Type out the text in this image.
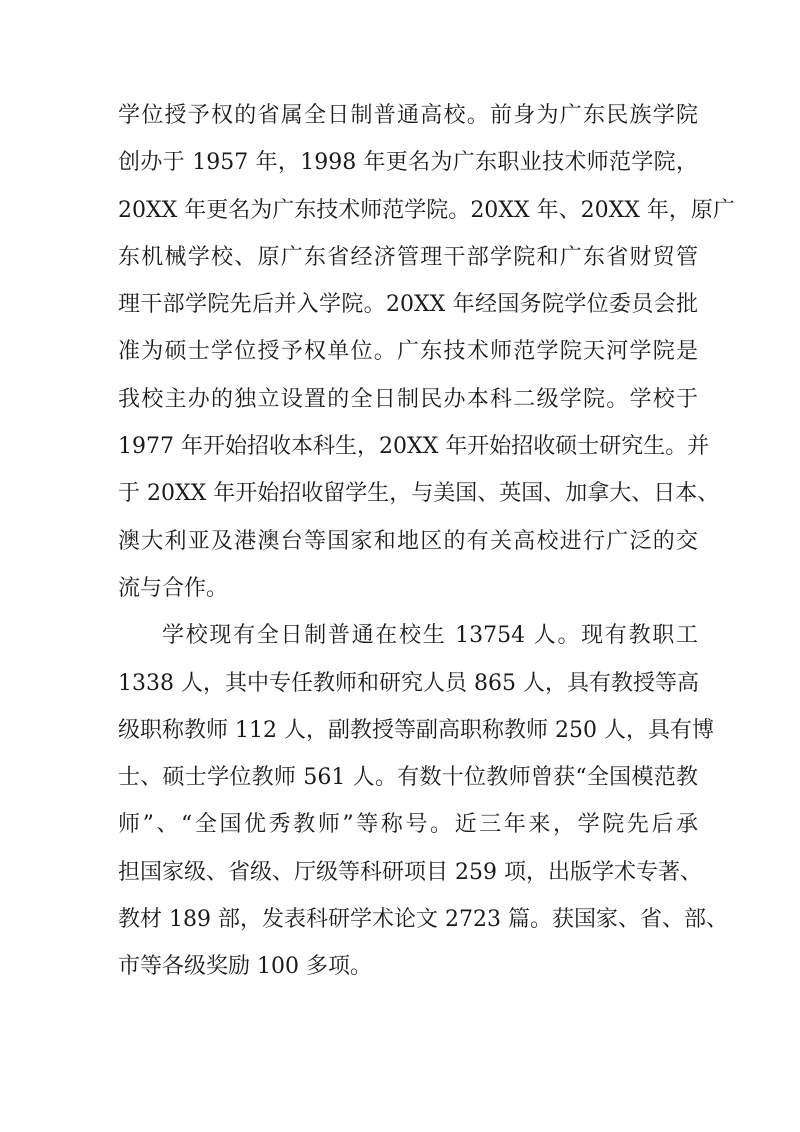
学位授予权的省属全日制普通高校。前身为广东民族学院
创办于 1957 年，1998 年更名为广东职业技术师范学院，
20XX 年更名为广东技术师范学院。20XX 年、20XX 年，原广
东机械学校、原广东省经济管理干部学院和广东省财贸管
理干部学院先后并入学院。20XX 年经国务院学位委员会批
准为硕士学位授予权单位。广东技术师范学院天河学院是
我校主办的独立设置的全日制民办本科二级学院。学校于
1977 年开始招收本科生，20XX 年开始招收硕士研究生。并
于 20XX 年开始招收留学生，与美国、英国、加拿大、日本、
澳大利亚及港澳台等国家和地区的有关高校进行广泛的交
流与合作。
学校现有全日制普通在校生 13754 人。现有教职工
1338 人，其中专任教师和研究人员 865 人，具有教授等高
级职称教师 112 人，副教授等副高职称教师 250 人，具有博
士、硕士学位教师 561 人。有数十位教师曾获“全国模范教
师”、“全国优秀教师”等称号。近三年来，学院先后承
担国家级、省级、厅级等科研项目 259 项，出版学术专著、
教材 189 部，发表科研学术论文 2723 篇。获国家、省、部、
市等各级奖励 100 多项。
